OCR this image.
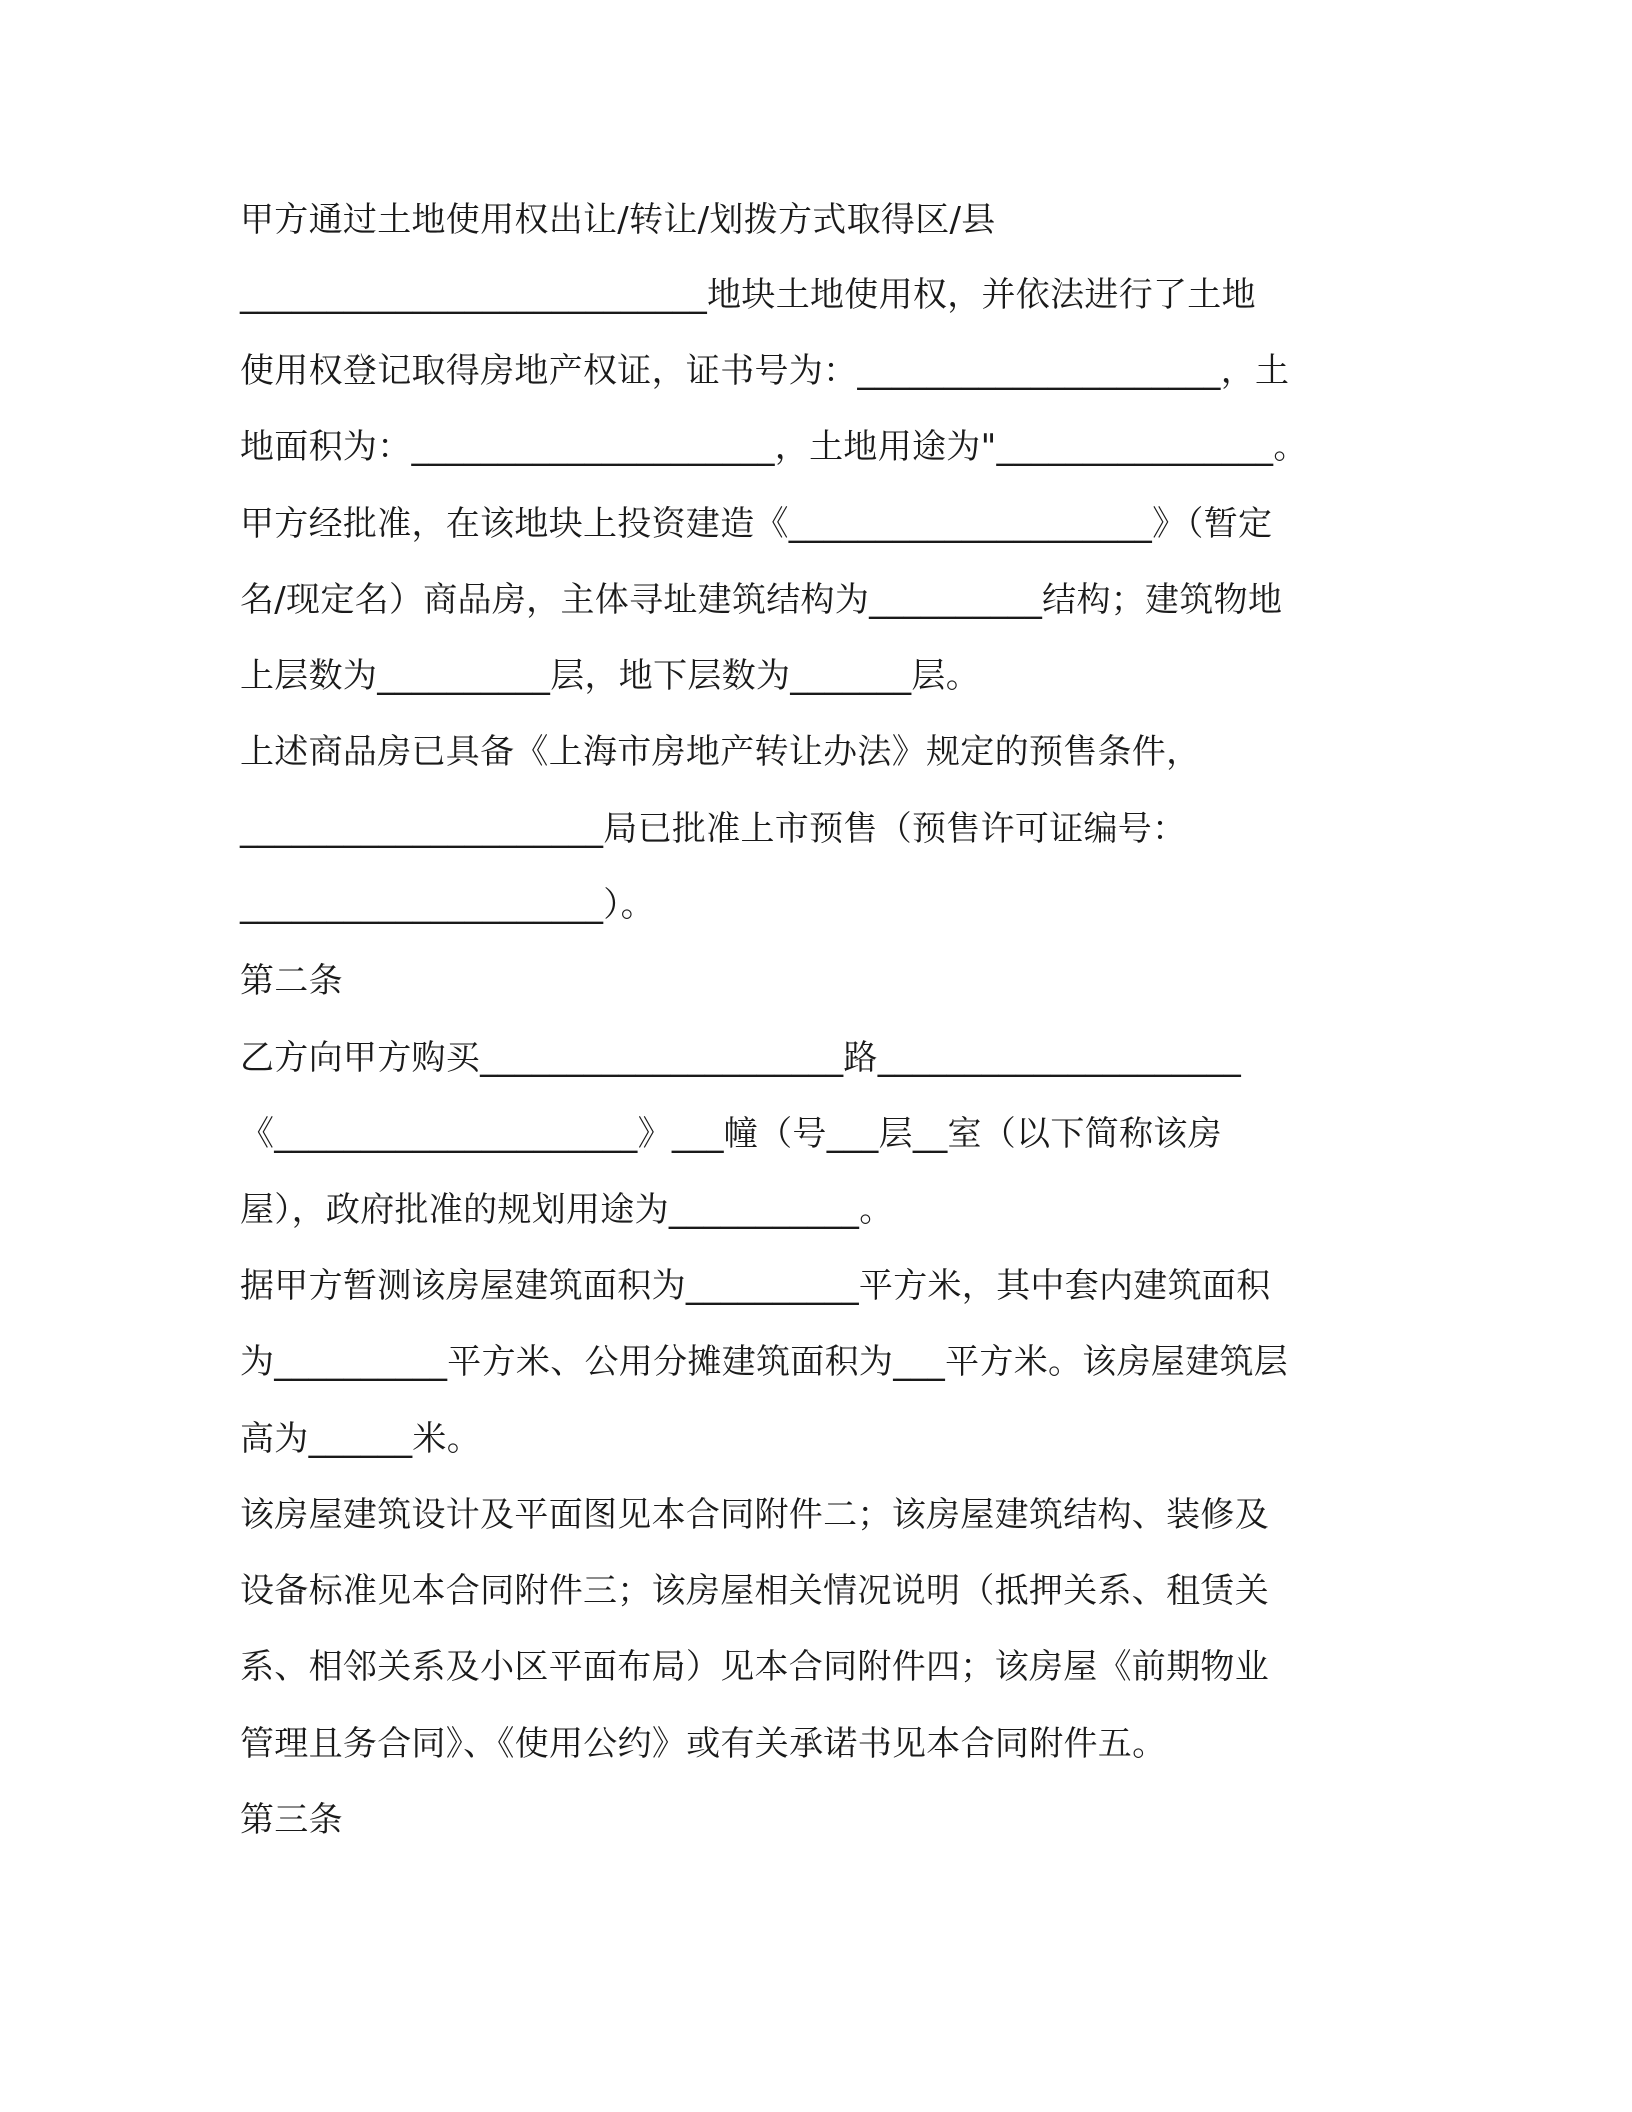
甲方通过土地使用权出让/转让/划拨方式取得区/县

___________________________地块土地使用权，并依法进行了土地

使用权登记取得房地产权证，证书号为：_____________________，土

地面积为：_____________________，土地用途为"________________。

甲方经批准，在该地块上投资建造《_____________________》（暂定

名/现定名）商品房，主体寻址建筑结构为__________结构；建筑物地

上层数为__________层，地下层数为_______层。

上述商品房已具备《上海市房地产转让办法》规定的预售条件，

_____________________局已批准上市预售（预售许可证编号：

_____________________）。

第二条

乙方向甲方购买_____________________路_____________________

《_____________________》___幢（号___层__室（以下简称该房

屋），政府批准的规划用途为___________。

据甲方暂测该房屋建筑面积为__________平方米，其中套内建筑面积

为__________平方米、公用分摊建筑面积为___平方米。该房屋建筑层

高为______米。

该房屋建筑设计及平面图见本合同附件二；该房屋建筑结构、装修及

设备标准见本合同附件三；该房屋相关情况说明（抵押关系、租赁关

系、相邻关系及小区平面布局）见本合同附件四；该房屋《前期物业

管理且务合同》、《使用公约》或有关承诺书见本合同附件五。

第三条
